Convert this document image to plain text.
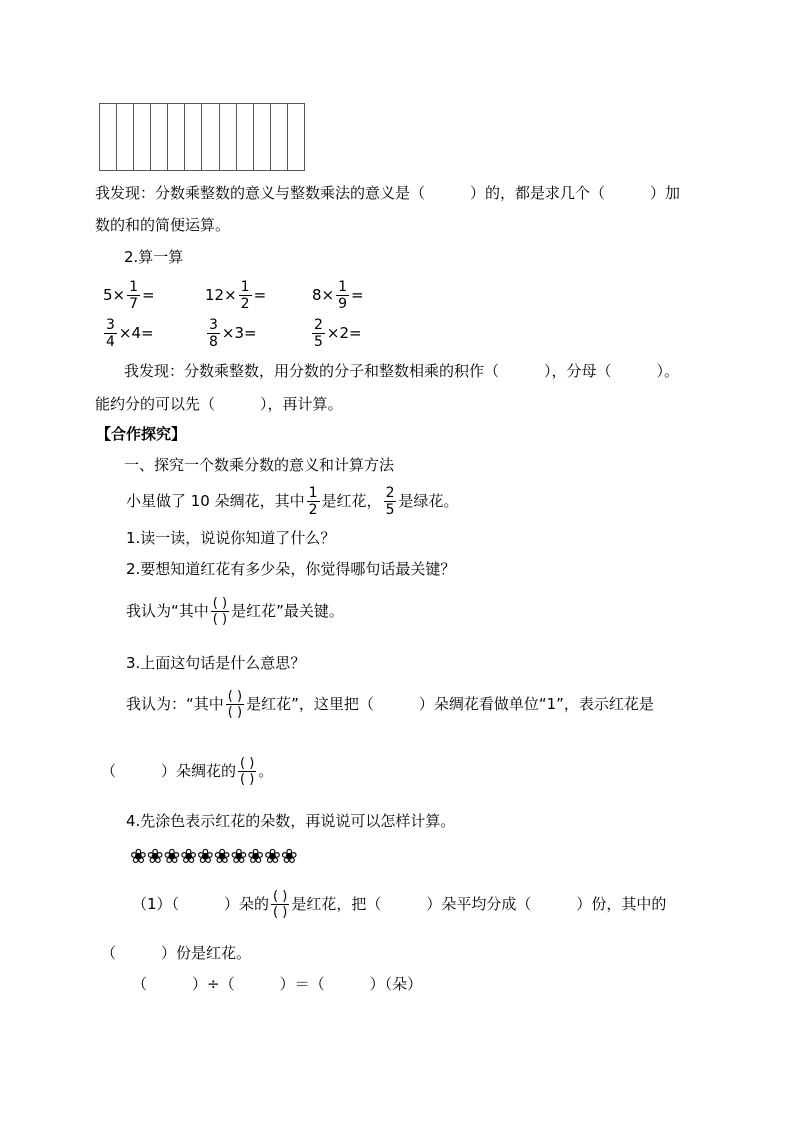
我发现：分数乘整数的意义与整数乘法的意义是（　　　）的，都是求几个（　　　）加
数的和的简便运算。
2.算一算
$5\times \frac{1}{7}$ =	$12\times \frac{1}{2}$ =	$8\times \frac{1}{9}$ =
$\frac{3}{4} \times 4=$	$\frac{3}{8} \times 3=$	$\frac{2}{5} \times 2=$
我发现：分数乘整数，用分数的分子和整数相乘的积作（　　　），分母（　　　）。
能约分的可以先（　　　），再计算。
【合作探究】
一、探究一个数乘分数的意义和计算方法
小星做了 10 朵绸花，其中 $\frac{1}{2}$ 是红花， $\frac{2}{5}$ 是绿花。
1.读一读，说说你知道了什么？
2.要想知道红花有多少朵，你觉得哪句话最关键？
我认为“其中 $\frac{( )}{( )}$ 是红花”最关键。
3.上面这句话是什么意思？
我认为：“其中 $\frac{( )}{( )}$ 是红花”，这里把（　　　）朵绸花看做单位“1”，表示红花是
（　　　）朵绸花的 $\frac{( )}{( )}$ 。
4.先涂色表示红花的朵数，再说说可以怎样计算。
❀❀❀❀❀❀❀❀❀❀
（1）（　　　）朵的 $\frac{( )}{( )}$ 是红花，把（　　　）朵平均分成（　　　）份，其中的
（　　　）份是红花。
（　　　）÷（　　　）＝（　　　）（朵）
